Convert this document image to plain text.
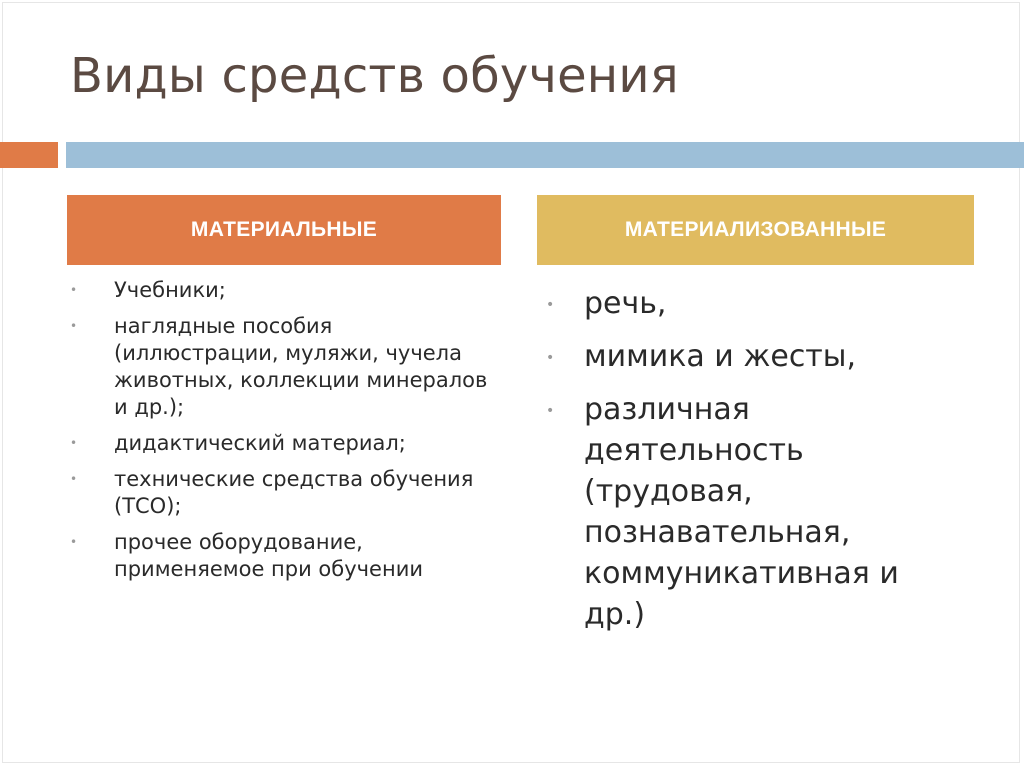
Виды средств обучения
МАТЕРИАЛЬНЫЕ	МАТЕРИАЛИЗОВАННЫЕ
• Учебники;
• наглядные пособия (иллюстрации, муляжи, чучела животных, коллекции минералов и др.);
• дидактический материал;
• технические средства обучения (ТСО);
• прочее оборудование, применяемое при обучении
• речь,
• мимика и жесты,
• различная деятельность (трудовая, познавательная, коммуникативная и др.)
